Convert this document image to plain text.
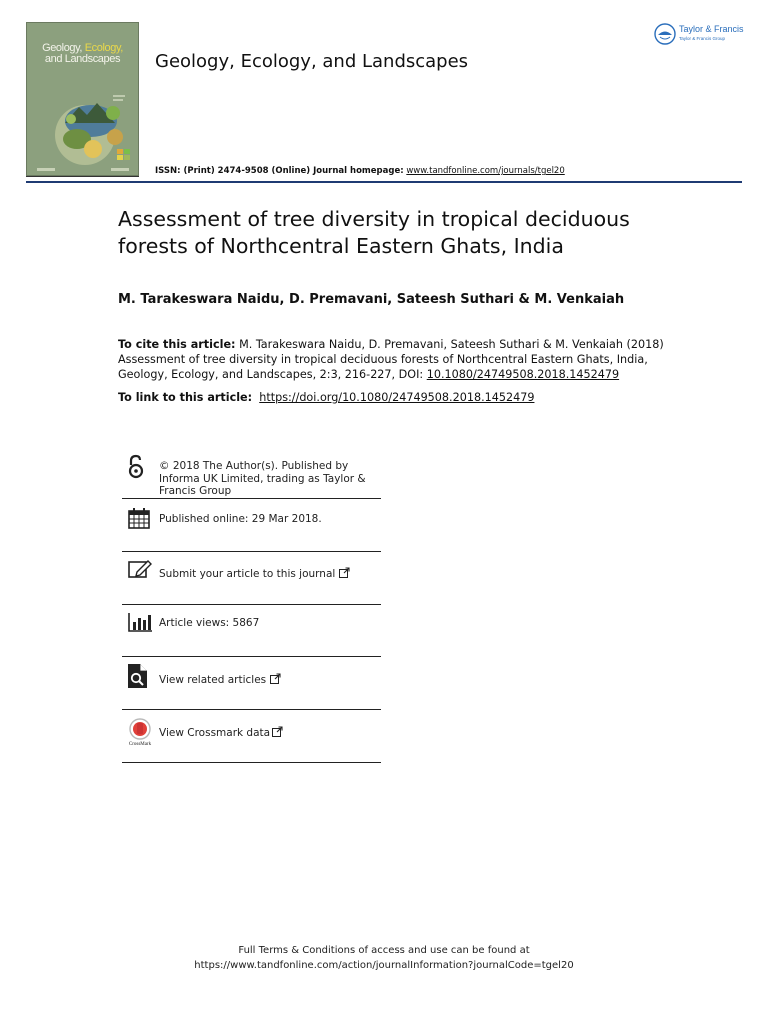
Geology, Ecology,
and Landscapes	Geology, Ecology, and Landscapes
ISSN: (Print) 2474-9508 (Online) Journal homepage: www.tandfonline.com/journals/tgel20
Taylor & Francis
Taylor & Francis Group
Assessment of tree diversity in tropical deciduous forests of Northcentral Eastern Ghats, India
M. Tarakeswara Naidu, D. Premavani, Sateesh Suthari & M. Venkaiah
To cite this article: M. Tarakeswara Naidu, D. Premavani, Sateesh Suthari & M. Venkaiah (2018) Assessment of tree diversity in tropical deciduous forests of Northcentral Eastern Ghats, India, Geology, Ecology, and Landscapes, 2:3, 216-227, DOI: 10.1080/24749508.2018.1452479
To link to this article: https://doi.org/10.1080/24749508.2018.1452479
© 2018 The Author(s). Published by Informa UK Limited, trading as Taylor & Francis Group
Published online: 29 Mar 2018.
Submit your article to this journal
Article views: 5867
View related articles
CrossMark
View Crossmark data
Full Terms & Conditions of access and use can be found at
https://www.tandfonline.com/action/journalInformation?journalCode=tgel20
